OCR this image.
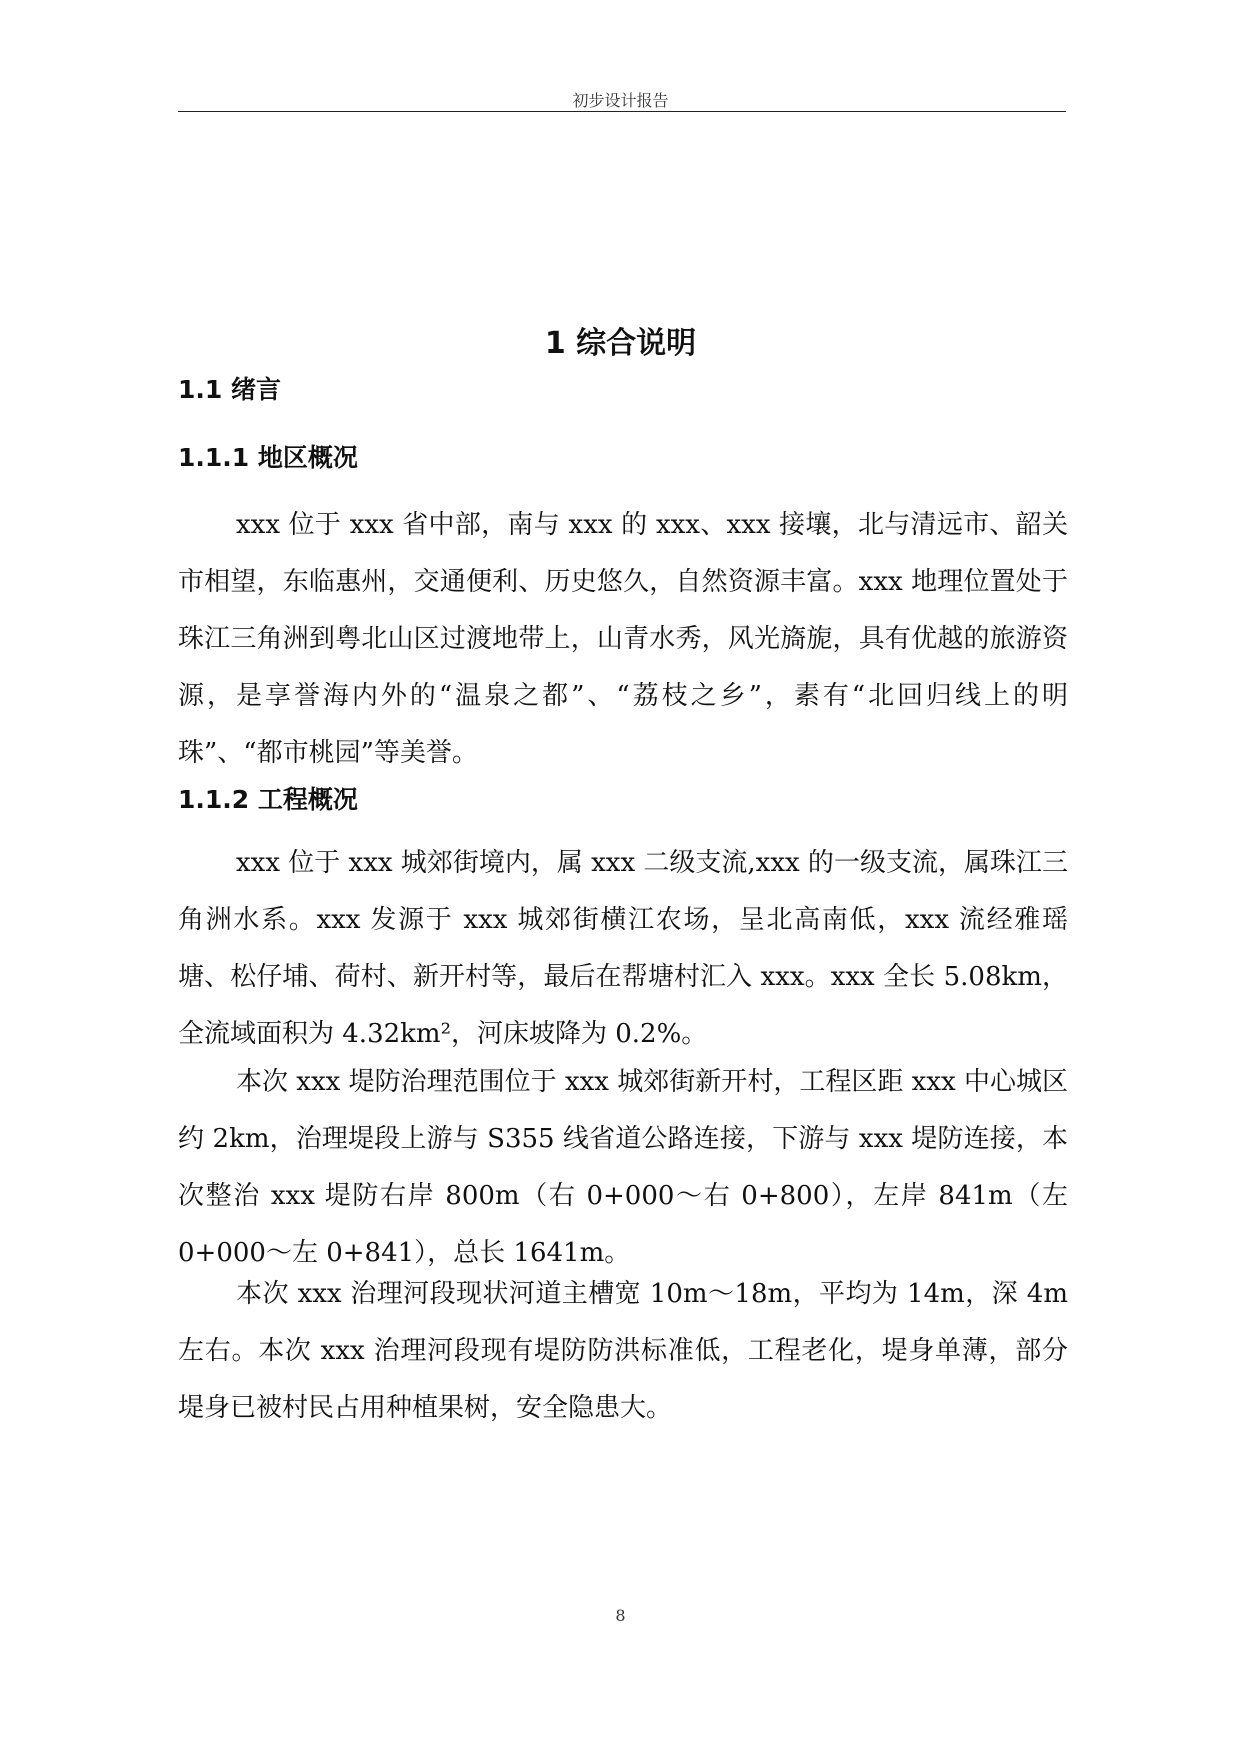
初步设计报告
1 综合说明
1.1 绪言
1.1.1 地区概况

xxx 位于 xxx 省中部，南与 xxx 的 xxx、xxx 接壤，北与清远市、韶关市相望，东临惠州，交通便利、历史悠久，自然资源丰富。xxx 地理位置处于珠江三角洲到粤北山区过渡地带上，山青水秀，风光旖旎，具有优越的旅游资源，是享誉海内外的“温泉之都”、“荔枝之乡”，素有“北回归线上的明珠”、“都市桃园”等美誉。

1.1.2 工程概况

xxx 位于 xxx 城郊街境内，属 xxx 二级支流,xxx 的一级支流，属珠江三角洲水系。xxx 发源于 xxx 城郊街横江农场，呈北高南低，xxx 流经雅瑶塘、松仔埔、荷村、新开村等，最后在帮塘村汇入 xxx。xxx 全长 5.08km，全流域面积为 4.32km²，河床坡降为 0.2%。

本次 xxx 堤防治理范围位于 xxx 城郊街新开村，工程区距 xxx 中心城区约 2km，治理堤段上游与 S355 线省道公路连接，下游与 xxx 堤防连接，本次整治 xxx 堤防右岸 800m（右 0+000～右 0+800），左岸 841m（左 0+000～左 0+841），总长 1641m。

本次 xxx 治理河段现状河道主槽宽 10m～18m，平均为 14m，深 4m 左右。本次 xxx 治理河段现有堤防防洪标准低，工程老化，堤身单薄，部分堤身已被村民占用种植果树，安全隐患大。

8
